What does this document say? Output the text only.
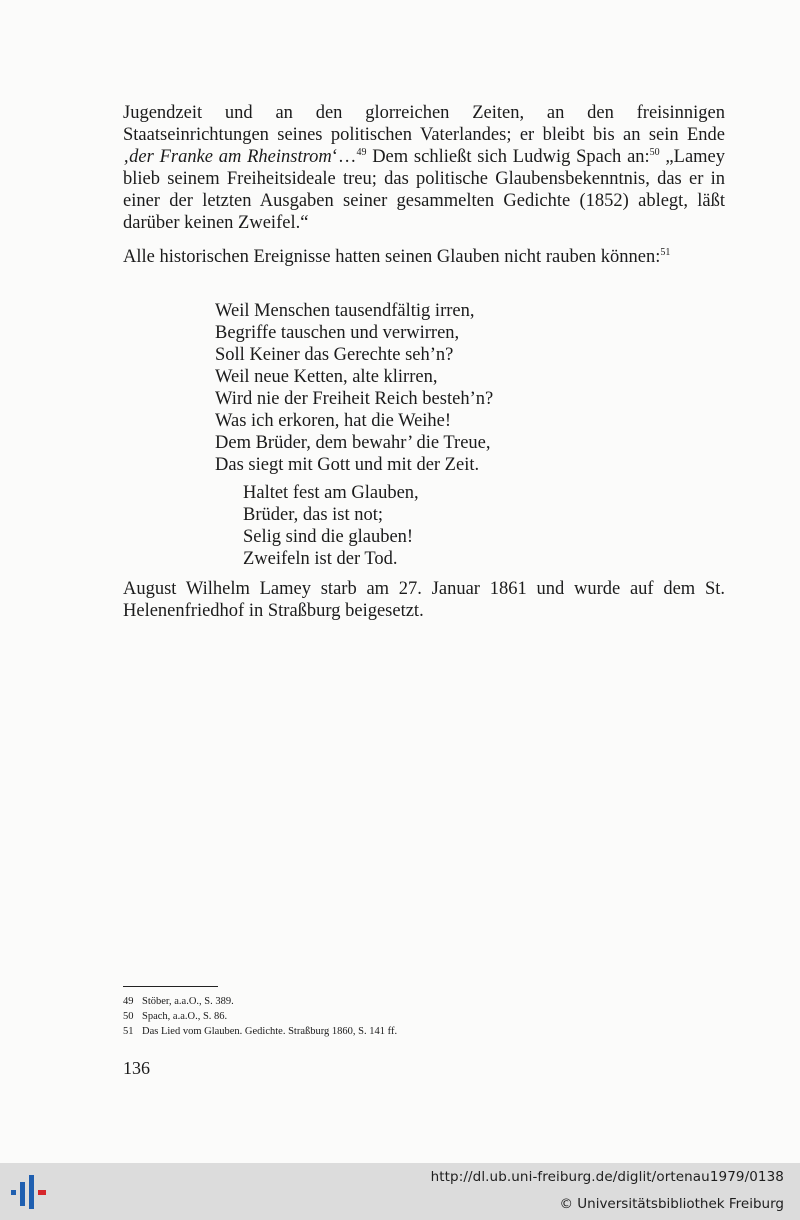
Jugendzeit und an den glorreichen Zeiten, an den freisinnigen Staatseinrichtungen seines politischen Vaterlandes; er bleibt bis an sein Ende ‚der Franke am Rheinstrom‘…$^{49}$ Dem schließt sich Ludwig Spach an:$^{50}$ „Lamey blieb seinem Freiheitsideale treu; das politische Glaubensbekenntnis, das er in einer der letzten Ausgaben seiner gesammelten Gedichte (1852) ablegt, läßt darüber keinen Zweifel.“
Alle historischen Ereignisse hatten seinen Glauben nicht rauben können:$^{51}$
Weil Menschen tausendfältig irren,
Begriffe tauschen und verwirren,
Soll Keiner das Gerechte seh’n?
Weil neue Ketten, alte klirren,
Wird nie der Freiheit Reich besteh’n?
Was ich erkoren, hat die Weihe!
Dem Brüder, dem bewahr’ die Treue,
Das siegt mit Gott und mit der Zeit.
Haltet fest am Glauben,
Brüder, das ist not;
Selig sind die glauben!
Zweifeln ist der Tod.
August Wilhelm Lamey starb am 27. Januar 1861 und wurde auf dem St. Helenenfriedhof in Straßburg beigesetzt.
49 Stöber, a.a.O., S. 389.
50 Spach, a.a.O., S. 86.
51 Das Lied vom Glauben. Gedichte. Straßburg 1860, S. 141 ff.
136
http://dl.ub.uni-freiburg.de/diglit/ortenau1979/0138
© Universitätsbibliothek Freiburg
